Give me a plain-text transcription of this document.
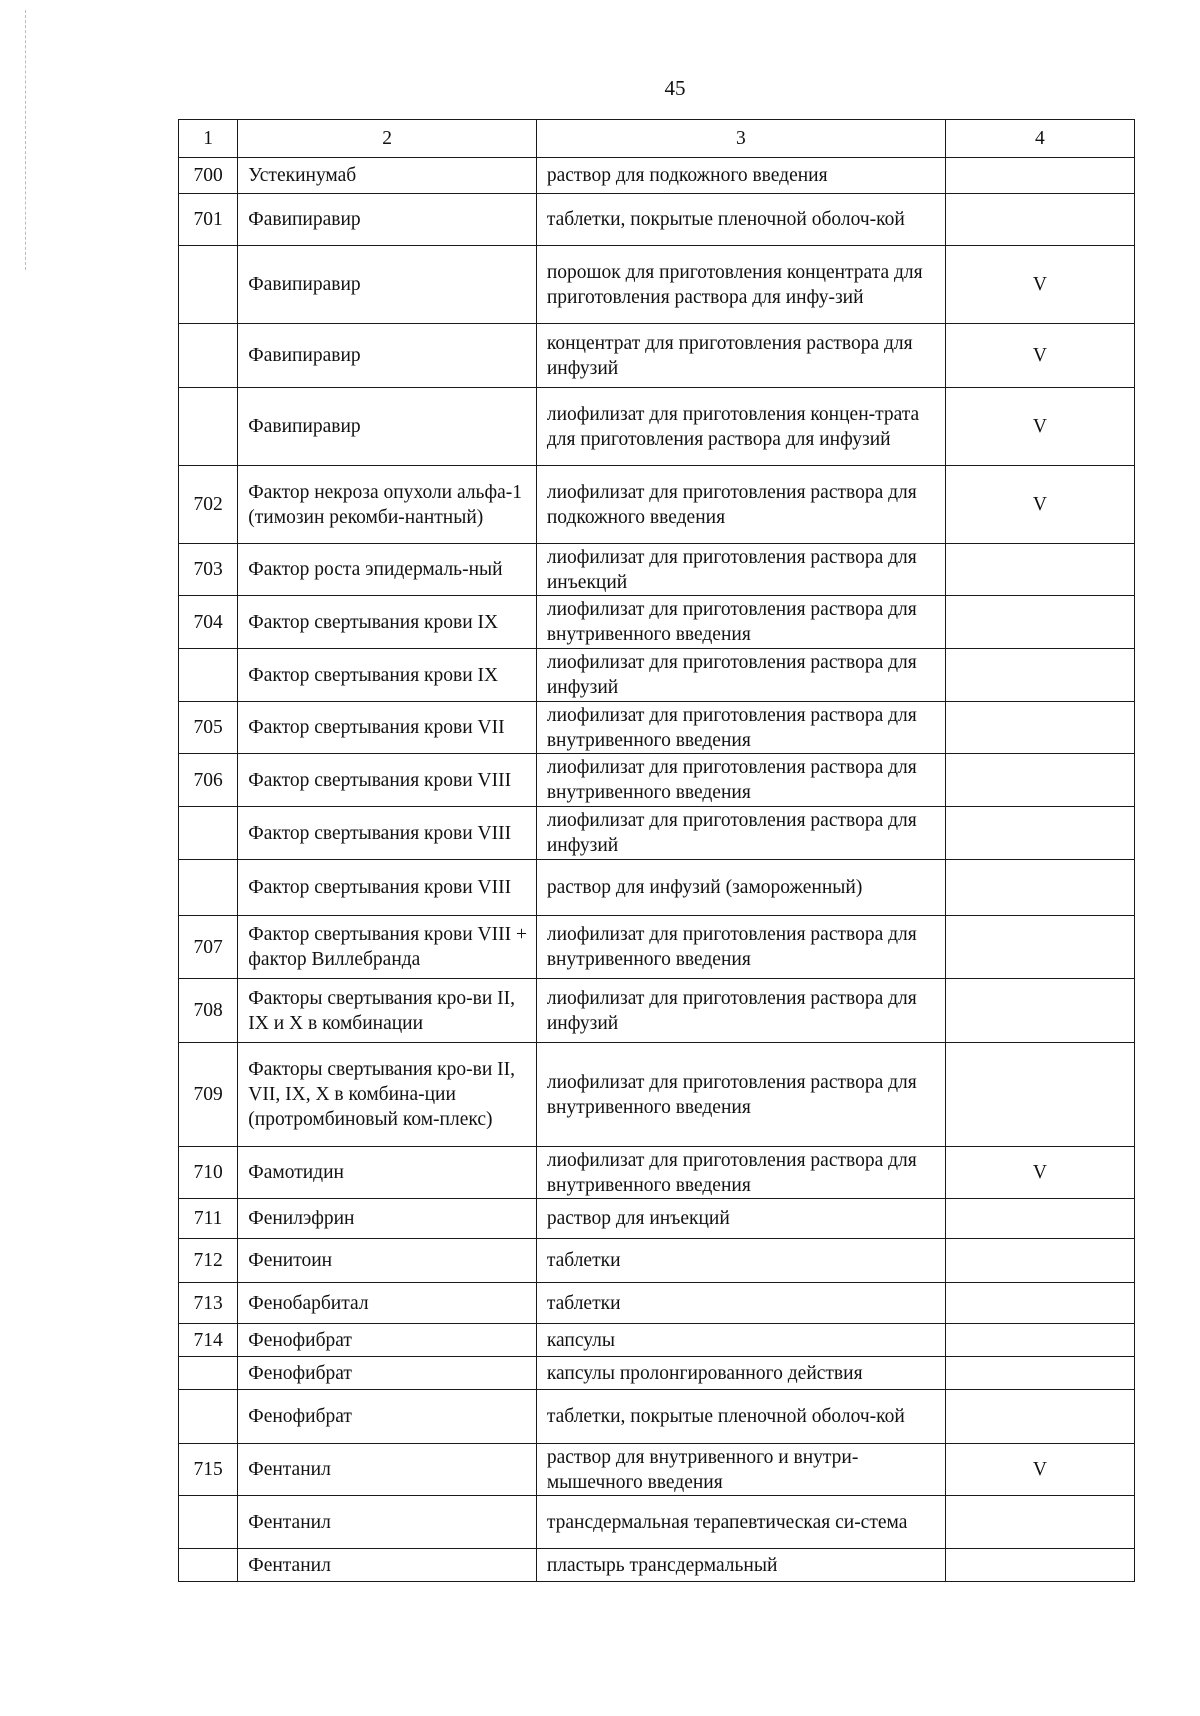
45
1	2	3	4
700	Устекинумаб	раствор для подкожного введения	
701	Фавипиравир	таблетки, покрытые пленочной оболоч-кой	
	Фавипиравир	порошок для приготовления концентрата для приготовления раствора для инфу-зий	V
	Фавипиравир	концентрат для приготовления раствора для инфузий	V
	Фавипиравир	лиофилизат для приготовления концен-трата для приготовления раствора для инфузий	V
702	Фактор некроза опухоли альфа-1 (тимозин рекомби-нантный)	лиофилизат для приготовления раствора для подкожного введения	V
703	Фактор роста эпидермаль-ный	лиофилизат для приготовления раствора для инъекций	
704	Фактор свертывания крови IX	лиофилизат для приготовления раствора для внутривенного введения	
	Фактор свертывания крови IX	лиофилизат для приготовления раствора для инфузий	
705	Фактор свертывания крови VII	лиофилизат для приготовления раствора для внутривенного введения	
706	Фактор свертывания крови VIII	лиофилизат для приготовления раствора для внутривенного введения	
	Фактор свертывания крови VIII	лиофилизат для приготовления раствора для инфузий	
	Фактор свертывания крови VIII	раствор для инфузий (замороженный)	
707	Фактор свертывания крови VIII + фактор Виллебранда	лиофилизат для приготовления раствора для внутривенного введения	
708	Факторы свертывания кро-ви II, IX и X в комбинации	лиофилизат для приготовления раствора для инфузий	
709	Факторы свертывания кро-ви II, VII, IX, X в комбина-ции (протромбиновый ком-плекс)	лиофилизат для приготовления раствора для внутривенного введения	
710	Фамотидин	лиофилизат для приготовления раствора для внутривенного введения	V
711	Фенилэфрин	раствор для инъекций	
712	Фенитоин	таблетки	
713	Фенобарбитал	таблетки	
714	Фенофибрат	капсулы	
	Фенофибрат	капсулы пролонгированного действия	
	Фенофибрат	таблетки, покрытые пленочной оболоч-кой	
715	Фентанил	раствор для внутривенного и внутри-мышечного введения	V
	Фентанил	трансдермальная терапевтическая си-стема	
	Фентанил	пластырь трансдермальный	
